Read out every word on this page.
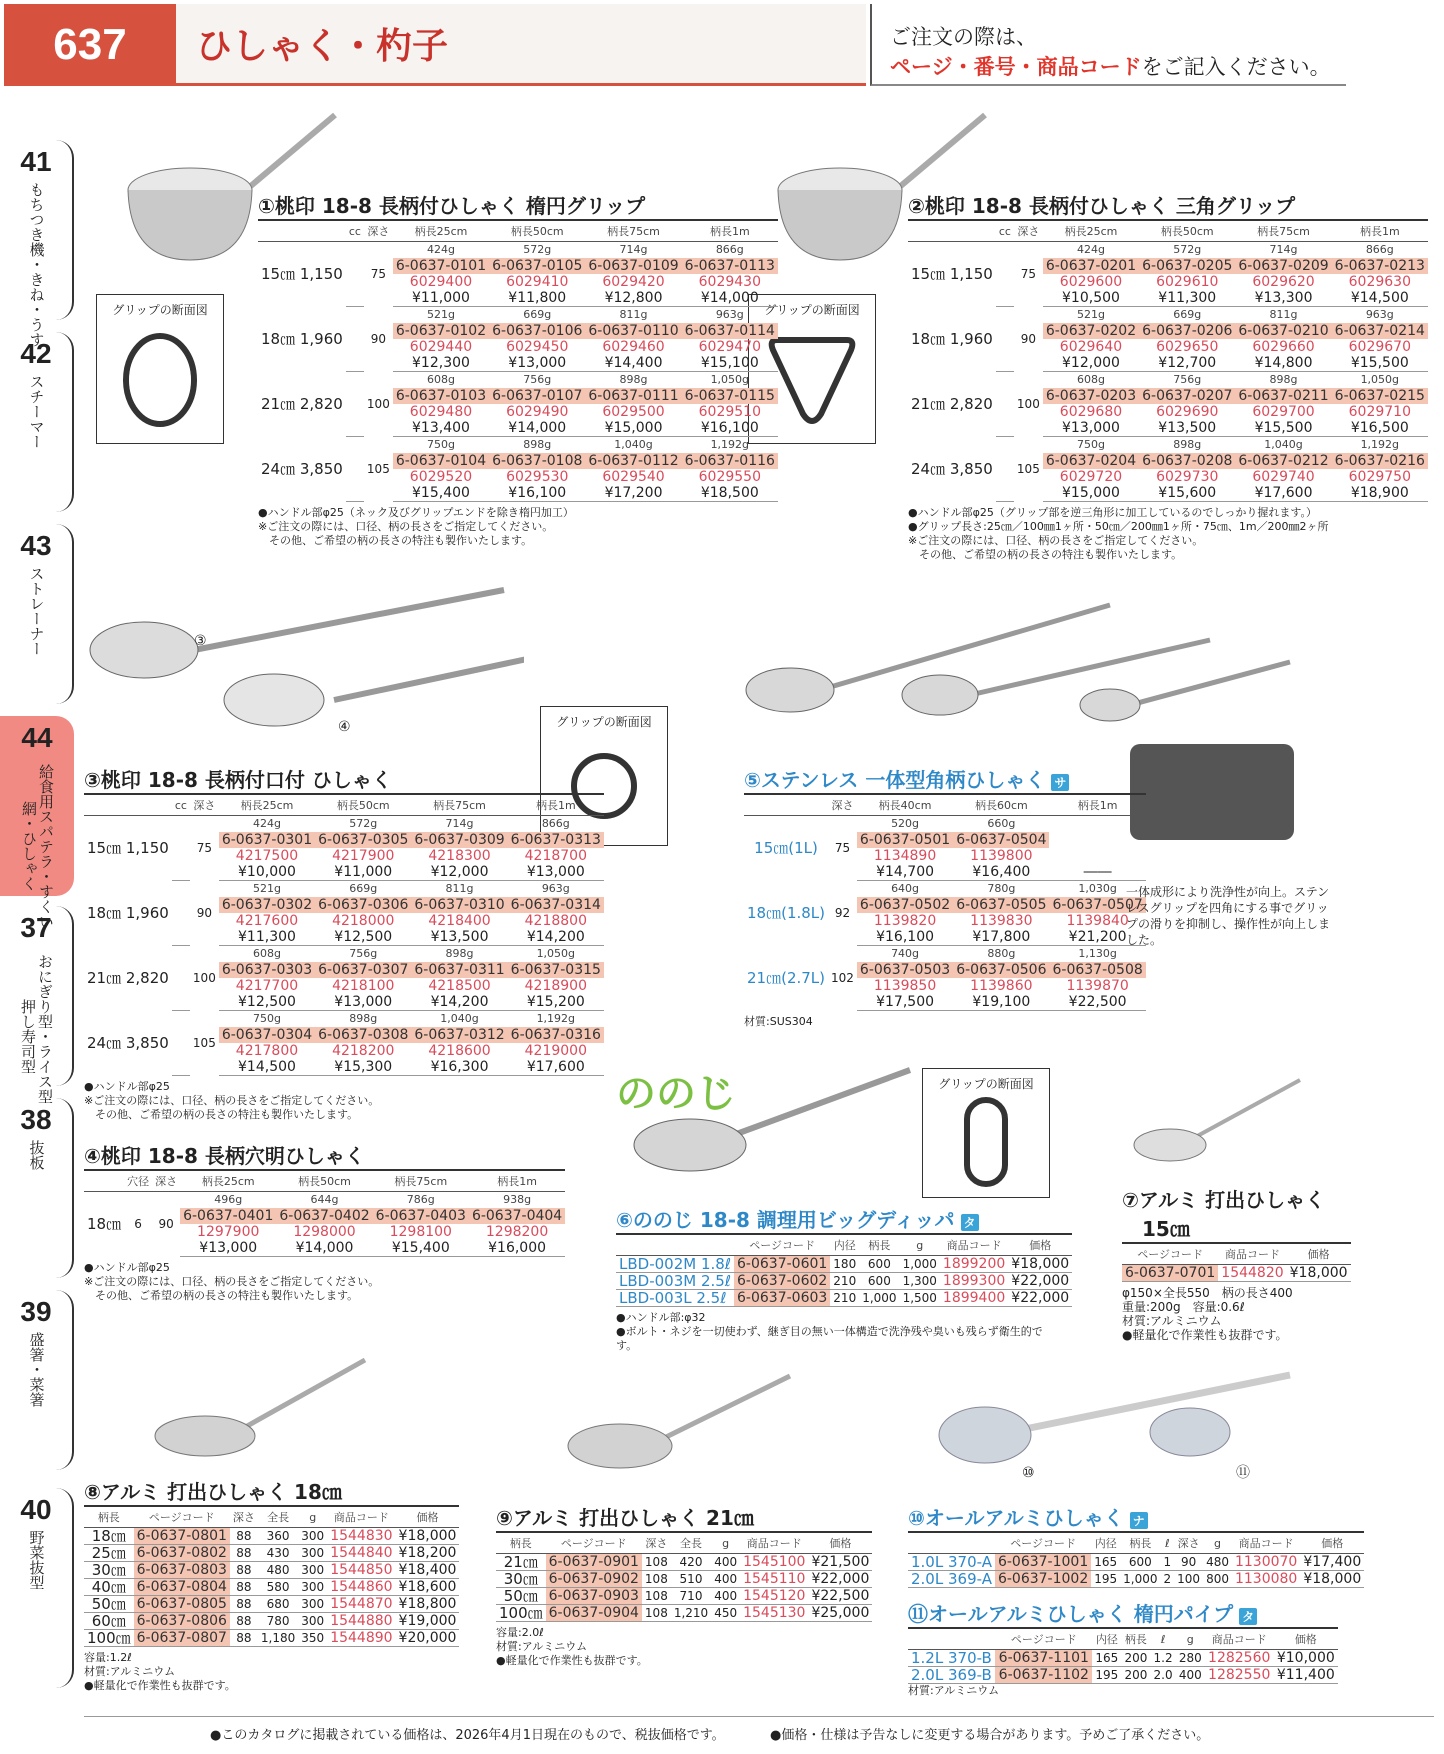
637	ひしゃく・杓子	ご注文の際は、
ページ・番号・商品コードをご記入ください。
41
もちつき機・きね・うす
42
スチーマー
43
ストレーナー
44
給食用スパテラ・すくい網・ひしゃく
37
おにぎり型・ライス型・押し寿司型
38
抜板
39
盛箸・菜箸
40
野菜抜型
グリップの断面図	グリップの断面図
③
④	グリップの断面図
ののじ	グリップの断面図
⑩	⑪
①桃印 18-8 長柄付ひしゃく 楕円グリップ
	cc	深さ	柄長25cm	柄長50cm	柄長75cm	柄長1m
15㎝ 1,150		75	424g	572g	714g	866g
			6-0637-0101	6-0637-0105	6-0637-0109	6-0637-0113
			6029400	6029410	6029420	6029430
			¥11,000	¥11,800	¥12,800	¥14,000
18㎝ 1,960		90	521g	669g	811g	963g
			6-0637-0102	6-0637-0106	6-0637-0110	6-0637-0114
			6029440	6029450	6029460	6029470
			¥12,300	¥13,000	¥14,400	¥15,100
21㎝ 2,820		100	608g	756g	898g	1,050g
			6-0637-0103	6-0637-0107	6-0637-0111	6-0637-0115
			6029480	6029490	6029500	6029510
			¥13,400	¥14,000	¥15,000	¥16,100
24㎝ 3,850		105	750g	898g	1,040g	1,192g
			6-0637-0104	6-0637-0108	6-0637-0112	6-0637-0116
			6029520	6029530	6029540	6029550
			¥15,400	¥16,100	¥17,200	¥18,500
●ハンドル部φ25（ネック及びグリップエンドを除き楕円加工）
※ご注文の際には、口径、柄の長さをご指定してください。
　その他、ご希望の柄の長さの特注も製作いたします。
②桃印 18-8 長柄付ひしゃく 三角グリップ
	cc	深さ	柄長25cm	柄長50cm	柄長75cm	柄長1m
15㎝ 1,150		75	424g	572g	714g	866g
			6-0637-0201	6-0637-0205	6-0637-0209	6-0637-0213
			6029600	6029610	6029620	6029630
			¥10,500	¥11,300	¥13,300	¥14,500
18㎝ 1,960		90	521g	669g	811g	963g
			6-0637-0202	6-0637-0206	6-0637-0210	6-0637-0214
			6029640	6029650	6029660	6029670
			¥12,000	¥12,700	¥14,800	¥15,500
21㎝ 2,820		100	608g	756g	898g	1,050g
			6-0637-0203	6-0637-0207	6-0637-0211	6-0637-0215
			6029680	6029690	6029700	6029710
			¥13,000	¥13,500	¥15,500	¥16,500
24㎝ 3,850		105	750g	898g	1,040g	1,192g
			6-0637-0204	6-0637-0208	6-0637-0212	6-0637-0216
			6029720	6029730	6029740	6029750
			¥15,000	¥15,600	¥17,600	¥18,900
●ハンドル部φ25（グリップ部を逆三角形に加工しているのでしっかり握れます。）
●グリップ長さ:25㎝／100㎜1ヶ所・50㎝／200㎜1ヶ所・75㎝、1m／200㎜2ヶ所
※ご注文の際には、口径、柄の長さをご指定してください。
　その他、ご希望の柄の長さの特注も製作いたします。
③桃印 18-8 長柄付口付 ひしゃく
	cc	深さ	柄長25cm	柄長50cm	柄長75cm	柄長1m
15㎝ 1,150		75	424g	572g	714g	866g
			6-0637-0301	6-0637-0305	6-0637-0309	6-0637-0313
			4217500	4217900	4218300	4218700
			¥10,000	¥11,000	¥12,000	¥13,000
18㎝ 1,960		90	521g	669g	811g	963g
			6-0637-0302	6-0637-0306	6-0637-0310	6-0637-0314
			4217600	4218000	4218400	4218800
			¥11,300	¥12,500	¥13,500	¥14,200
21㎝ 2,820		100	608g	756g	898g	1,050g
			6-0637-0303	6-0637-0307	6-0637-0311	6-0637-0315
			4217700	4218100	4218500	4218900
			¥12,500	¥13,000	¥14,200	¥15,200
24㎝ 3,850		105	750g	898g	1,040g	1,192g
			6-0637-0304	6-0637-0308	6-0637-0312	6-0637-0316
			4217800	4218200	4218600	4219000
			¥14,500	¥15,300	¥16,300	¥17,600
●ハンドル部φ25
※ご注文の際には、口径、柄の長さをご指定してください。
　その他、ご希望の柄の長さの特注も製作いたします。
④桃印 18-8 長柄穴明ひしゃく
	穴径	深さ	柄長25cm	柄長50cm	柄長75cm	柄長1m
18㎝	6	90	496g	644g	786g	938g
			6-0637-0401	6-0637-0402	6-0637-0403	6-0637-0404
			1297900	1298000	1298100	1298200
			¥13,000	¥14,000	¥15,400	¥16,000
●ハンドル部φ25
※ご注文の際には、口径、柄の長さをご指定してください。
　その他、ご希望の柄の長さの特注も製作いたします。
⑤ステンレス 一体型角柄ひしゃく サ
	深さ	柄長40cm	柄長60cm	柄長1m
15㎝(1L)	75	520g	660g	
		6-0637-0501	6-0637-0504	
		1134890	1139800	
		¥14,700	¥16,400	――
18㎝(1.8L)	92	640g	780g	1,030g
		6-0637-0502	6-0637-0505	6-0637-0507
		1139820	1139830	1139840
		¥16,100	¥17,800	¥21,200
21㎝(2.7L)	102	740g	880g	1,130g
		6-0637-0503	6-0637-0506	6-0637-0508
		1139850	1139860	1139870
		¥17,500	¥19,100	¥22,500
材質:SUS304
一体成形により洗浄性が向上。ステンレスグリップを四角にする事でグリップの滑りを抑制し、操作性が向上しました。
⑥ののじ 18-8 調理用ビッグディッパ タ
	ページコード	内径	柄長	g	商品コード	価格
LBD-002M 1.8ℓ	6-0637-0601	180	600	1,000	1899200	¥18,000
LBD-003M 2.5ℓ	6-0637-0602	210	600	1,300	1899300	¥22,000
LBD-003L 2.5ℓ	6-0637-0603	210	1,000	1,500	1899400	¥22,000
●ハンドル部:φ32
●ボルト・ネジを一切使わず、継ぎ目の無い一体構造で洗浄残や臭いも残らず衛生的です。
⑦アルミ 打出ひしゃく
15㎝
ページコード	商品コード	価格
6-0637-0701	1544820	¥18,000
φ150×全長550　柄の長さ400
重量:200g　容量:0.6ℓ
材質:アルミニウム
●軽量化で作業性も抜群です。
⑧アルミ 打出ひしゃく 18㎝
柄長	ページコード	深さ	全長	g	商品コード	価格
18㎝	6-0637-0801	88	360	300	1544830	¥18,000
25㎝	6-0637-0802	88	430	300	1544840	¥18,200
30㎝	6-0637-0803	88	480	300	1544850	¥18,400
40㎝	6-0637-0804	88	580	300	1544860	¥18,600
50㎝	6-0637-0805	88	680	300	1544870	¥18,800
60㎝	6-0637-0806	88	780	300	1544880	¥19,000
100㎝	6-0637-0807	88	1,180	350	1544890	¥20,000
容量:1.2ℓ
材質:アルミニウム
●軽量化で作業性も抜群です。
⑨アルミ 打出ひしゃく 21㎝
柄長	ページコード	深さ	全長	g	商品コード	価格
21㎝	6-0637-0901	108	420	400	1545100	¥21,500
30㎝	6-0637-0902	108	510	400	1545110	¥22,000
50㎝	6-0637-0903	108	710	400	1545120	¥22,500
100㎝	6-0637-0904	108	1,210	450	1545130	¥25,000
容量:2.0ℓ
材質:アルミニウム
●軽量化で作業性も抜群です。
⑩オールアルミひしゃく ナ
	ページコード	内径	柄長	ℓ	深さ	g	商品コード	価格
1.0L 370-A	6-0637-1001	165	600	1	90	480	1130070	¥17,400
2.0L 369-A	6-0637-1002	195	1,000	2	100	800	1130080	¥18,000
⑪オールアルミひしゃく 楕円パイプ タ
	ページコード	内径	柄長	ℓ	g	商品コード	価格
1.2L 370-B	6-0637-1101	165	200	1.2	280	1282560	¥10,000
2.0L 369-B	6-0637-1102	195	200	2.0	400	1282550	¥11,400
材質:アルミニウム
●このカタログに掲載されている価格は、2026年4月1日現在のもので、税抜価格です。	●価格・仕様は予告なしに変更する場合があります。予めご了承ください。
